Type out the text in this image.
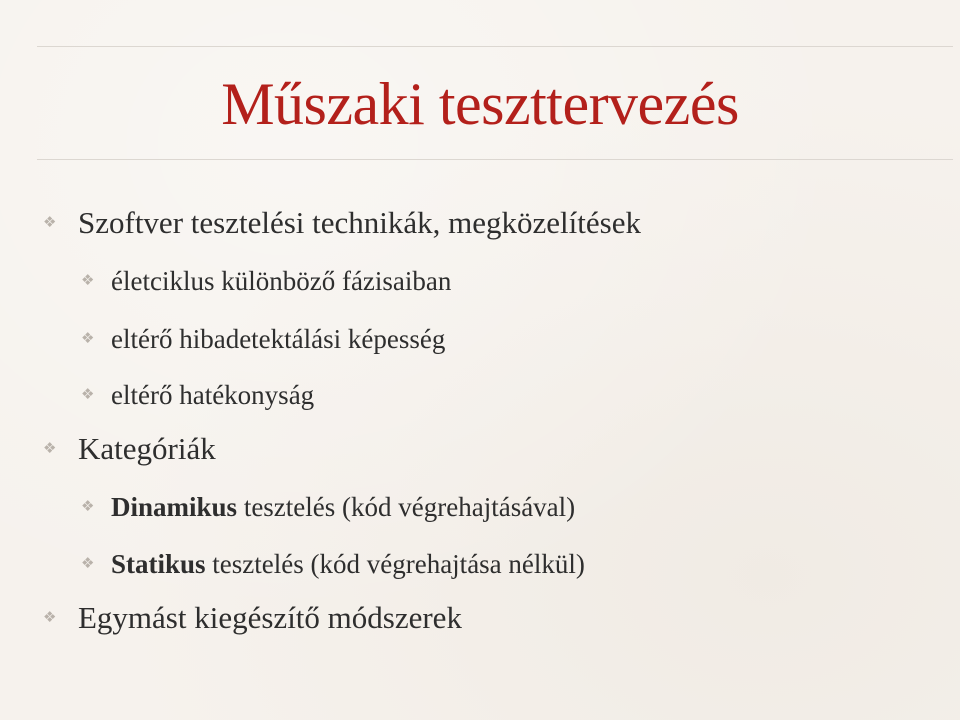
Műszaki teszttervezés
❖ Szoftver tesztelési technikák, megközelítések
❖ életciklus különböző fázisaiban
❖ eltérő hibadetektálási képesség
❖ eltérő hatékonyság
❖ Kategóriák
❖ Dinamikus tesztelés (kód végrehajtásával)
❖ Statikus tesztelés (kód végrehajtása nélkül)
❖ Egymást kiegészítő módszerek
